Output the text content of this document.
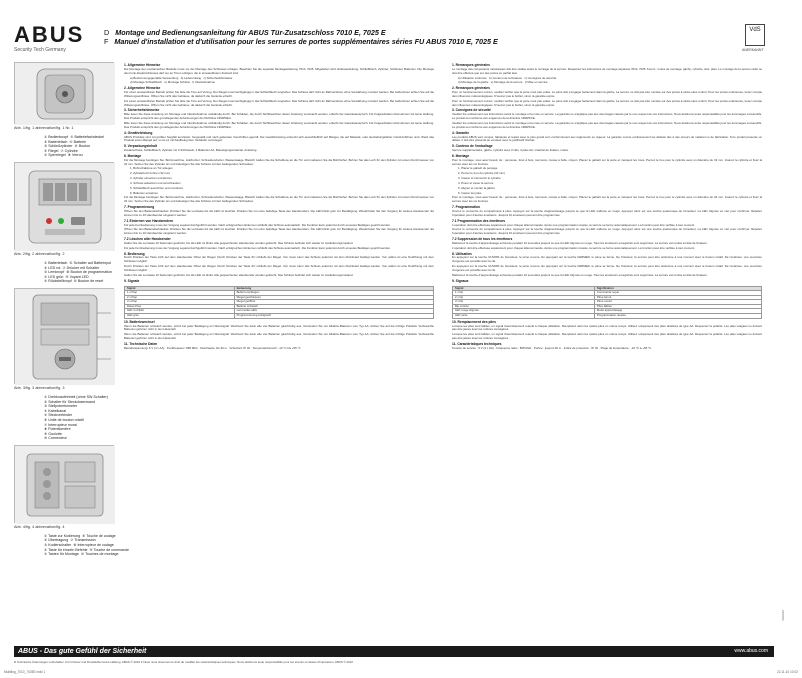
ABUS
Security Tech Germany
D Montage und Bedienungsanleitung für ABUS Tür-Zusatzschloss 7010 E, 7025 E
F Manuel d'installation et d'utilisation pour les serrures de portes supplémentaires séries FU ABUS 7010 E, 7025 E
VdS
ANERKANNT
Abb. 1/fig. 1 abbrevation/fig. 1 Nr. 1
① Bedienknopf  ④ Batteriefachdeckel
② Batteriefach  ⑤ Batterie
③ Schließzylinder  ⑥ Bouton
④ Riegel  ⑦ Cylindre
⑤ Sperrriegel  ⑧ Verrou
Abb. 2/fig. 2 abbrevation/fig. 2
① Batteriefach  ⑥ Schalter auf Batteriepol
② LED rot  ⑦ Drücker mit Schalter
③ Lernknopf  ⑧ Bouton de programmation
④ LED grün  ⑨ Voyant LED
⑤ Rückstellknopf  ⑩ Bouton de reset
Abb. 3/fig. 3 abbrevation/fig. 3
① Drehknaufeinheit (ohne SW-Schalter)
② Schalter für Steckdosenwand
③ Stellpotentiometer
④ Kabelkanal
⑤ Steckverbinder
⑥ Unité de bouton rotatif
⑦ Interrupteur mural
⑧ Potentiomètre
⑨ Goulotte
⑩ Connecteur
Abb. 4/fig. 4 abbrevation/fig. 4
① Taste zur Kodierung  ⑥ Touche de codage
② Übertragung  ⑦ Transmission
③ Kodierschalter  ⑧ Interrupteur de codage
④ Taste für einzeln Befehle  ⑨ Touche de commande
⑤ Tasten für Montage  ⑩ Touches de montage
1. Allgemeine Hinweise
Die Montage der mechanischen Bauteile muss vor der Montage des Schlosses erfolgen. Beachten Sie die separate Montageanleitung 7010, 7025. Mitgeliefert wird: Einbauanleitung, Schließblech, Zylinder, Schlüssel, Batterien. Die Montage des Funk-Zusatzschlosses darf nur an Türen erfolgen, die in einwandfreiem Zustand sind.
a) Bestimmungsgemäße Verwendung   b) Lieferumfang   c) Sicherheitshinweise
d) Montage Schließblech   e) Montage Schloss   f) Inbetriebnahme
2. Allgemeine Hinweise
Für einen einwandfreien Betrieb prüfen Sie bitte die Türe auf Verzug. Der Riegel muss leichtgängig in das Schließblech eingreifen. Das Schloss darf nicht an Rahmentüren ohne Verstärkung montiert werden. Bei Außentüren achten Sie auf die Witterungseinflüsse. Öffnen Sie nicht das Gehäuse, da dadurch die Garantie erlischt.
Für einen einwandfreien Betrieb prüfen Sie bitte die Türe auf Verzug. Der Riegel muss leichtgängig in das Schließblech eingreifen. Das Schloss darf nicht an Rahmentüren ohne Verstärkung montiert werden. Bei Außentüren achten Sie auf die Witterungseinflüsse. Öffnen Sie nicht das Gehäuse, da dadurch die Garantie erlischt.
3. Sicherheitshinweise
Bitte lesen Sie diese Anleitung vor Montage und Inbetriebnahme vollständig durch. Bei Schäden, die durch Nichtbeachten dieser Anleitung verursacht werden, erlischt der Garantieanspruch. Für Folgeschäden übernehmen wir keine Haftung. Das Produkt entspricht den grundlegenden Anforderungen der Richtlinie 1999/5/EG.
Bitte lesen Sie diese Anleitung vor Montage und Inbetriebnahme vollständig durch. Bei Schäden, die durch Nichtbeachten dieser Anleitung verursacht werden, erlischt der Garantieanspruch. Für Folgeschäden übernehmen wir keine Haftung. Das Produkt entspricht den grundlegenden Anforderungen der Richtlinie 1999/5/EG.
4. Gewährleistung
ABUS Produkte sind mit größter Sorgfalt konzipiert, hergestellt und nach geltenden Vorschriften geprüft. Die Gewährleistung erstreckt sich ausschließlich auf Mängel, die auf Material- oder Herstellungsfehler zurückzuführen sind. Weist das Produkt einen Mangel auf, so ist es mit Kaufbeleg dem Verkäufer vorzulegen.
5. Verpackungsinhalt
Zusatzschloss, Schließblech, Zylinder mit 3 Schlüsseln, 4 Batterien AA, Befestigungsmaterial, Anleitung.
6. Montage
Für die Montage benötigen Sie: Bohrmaschine, Holzbohrer, Schraubendreher, Wasserwaage, Bleistift. Halten Sie die Schablone an die Tür und markieren Sie die Bohrlöcher. Bohren Sie das Loch für den Zylinder mit einem Durchmesser von 32 mm. Setzen Sie den Zylinder ein und befestigen Sie das Schloss mit den beiliegenden Schrauben.
1. Bohrschablone an Tür anlegen
2. Zylinderloch bohren (32 mm)
3. Zylinder einsetzen und kürzen
4. Schloss aufsetzen und verschrauben
5. Schließblech ausrichten und montieren
6. Batterien einsetzen
Für die Montage benötigen Sie: Bohrmaschine, Holzbohrer, Schraubendreher, Wasserwaage, Bleistift. Halten Sie die Schablone an die Tür und markieren Sie die Bohrlöcher. Bohren Sie das Loch für den Zylinder mit einem Durchmesser von 32 mm. Setzen Sie den Zylinder ein und befestigen Sie das Schloss mit den beiliegenden Schrauben.
7. Programmierung
Öffnen Sie den Batteriefachdeckel. Drücken Sie die Lerntaste bis die LED rot leuchtet. Drücken Sie nun eine beliebige Taste des Handsenders. Die LED blinkt grün zur Bestätigung. Wiederholen Sie den Vorgang für weitere Handsender. Es können bis zu 10 Handsender eingelernt werden.
7.1 Einlernen von Handsendern
Für jede Fernbedienung muss der Vorgang separat durchgeführt werden. Nach erfolgreichem Einlernen schließt das Schloss automatisch. Die Funktion kann jederzeit durch erneutes Betätigen geprüft werden.
Öffnen Sie den Batteriefachdeckel. Drücken Sie die Lerntaste bis die LED rot leuchtet. Drücken Sie nun eine beliebige Taste des Handsenders. Die LED blinkt grün zur Bestätigung. Wiederholen Sie den Vorgang für weitere Handsender. Es können bis zu 10 Handsender eingelernt werden.
7.2 Löschen aller Handsender
Halten Sie die Lerntaste 10 Sekunden gedrückt, bis die LED rot blinkt. Alle gespeicherten Handsender werden gelöscht. Das Schloss befindet sich wieder im Auslieferungszustand.
Für jede Fernbedienung muss der Vorgang separat durchgeführt werden. Nach erfolgreichem Einlernen schließt das Schloss automatisch. Die Funktion kann jederzeit durch erneutes Betätigen geprüft werden.
8. Bedienung
Durch Drücken der Taste AUF auf dem Handsender öffnet der Riegel. Durch Drücken der Taste ZU schließt der Riegel. Von innen kann das Schloss jederzeit mit dem Drehknauf betätigt werden. Von außen ist eine Notöffnung mit dem Schlüssel möglich.
Durch Drücken der Taste AUF auf dem Handsender öffnet der Riegel. Durch Drücken der Taste ZU schließt der Riegel. Von innen kann das Schloss jederzeit mit dem Drehknauf betätigt werden. Von außen ist eine Notöffnung mit dem Schlüssel möglich.
Halten Sie die Lerntaste 10 Sekunden gedrückt, bis die LED rot blinkt. Alle gespeicherten Handsender werden gelöscht. Das Schloss befindet sich wieder im Auslieferungszustand.
9. Signale
Signal	Bedeutung
1 x Piep	Befehl empfangen
2 x Piep	Riegel geschlossen
3 x Piep	Riegel geöffnet
Dauer-Piep	Batterie schwach
LED rot blinkt	Lernmodus aktiv
LED grün	Programmierung erfolgreich
10. Batteriewechsel
Wenn die Batterien schwach werden, ertönt bei jeder Betätigung ein Warnsignal. Wechseln Sie dann alle vier Batterien gleichzeitig aus. Verwenden Sie nur Alkaline-Batterien vom Typ AA. Achten Sie auf die richtige Polarität. Verbrauchte Batterien gehören nicht in den Hausmüll.
Wenn die Batterien schwach werden, ertönt bei jeder Betätigung ein Warnsignal. Wechseln Sie dann alle vier Batterien gleichzeitig aus. Verwenden Sie nur Alkaline-Batterien vom Typ AA. Achten Sie auf die richtige Polarität. Verbrauchte Batterien gehören nicht in den Hausmüll.
11. Technische Daten
Betriebsspannung: 6 V (4 x AA) · Funkfrequenz: 868 MHz · Reichweite: bis 30 m · Schutzart: IP 40 · Temperaturbereich: -10 °C bis +55 °C
1. Remarques générales
Le montage des composants mécaniques doit être réalisé avant le montage de la serrure. Respectez les instructions de montage séparées 7010, 7025. Fourni : notice de montage, gâche, cylindre, clés, piles. Le montage de la serrure radio ne doit être effectué que sur des portes en parfait état.
a) Utilisation conforme   b) Contenu de la livraison   c) Consignes de sécurité
d) Montage de la gâche   e) Montage de la serrure   f) Mise en service
2. Remarques générales
Pour un fonctionnement correct, veuillez vérifier que la porte n'est pas voilée. Le pêne doit s'engager facilement dans la gâche. La serrure ne doit pas être montée sur des portes à cadre sans renfort. Pour les portes extérieures, tenez compte des influences météorologiques. N'ouvrez pas le boîtier, sinon la garantie expire.
Pour un fonctionnement correct, veuillez vérifier que la porte n'est pas voilée. Le pêne doit s'engager facilement dans la gâche. La serrure ne doit pas être montée sur des portes à cadre sans renfort. Pour les portes extérieures, tenez compte des influences météorologiques. N'ouvrez pas le boîtier, sinon la garantie expire.
3. Consignes de sécurité
Veuillez lire entièrement ces instructions avant le montage et la mise en service. La garantie ne s'applique pas aux dommages causés par le non-respect de ces instructions. Nous déclinons toute responsabilité pour les dommages consécutifs. Le produit est conforme aux exigences de la directive 1999/5/CE.
Veuillez lire entièrement ces instructions avant le montage et la mise en service. La garantie ne s'applique pas aux dommages causés par le non-respect de ces instructions. Nous déclinons toute responsabilité pour les dommages consécutifs. Le produit est conforme aux exigences de la directive 1999/5/CE.
4. Garantie
Les produits ABUS sont conçus, fabriqués et testés avec le plus grand soin conformément aux règlements en vigueur. La garantie couvre exclusivement les défauts dus à des erreurs de matériel ou de fabrication. Si le produit présente un défaut, il doit être présenté au vendeur avec le justificatif d'achat.
5. Contenu de l'emballage
Serrure supplémentaire, gâche, cylindre avec 3 clés, 4 piles AA, matériel de fixation, notice.
6. Montage
Pour le montage, vous avez besoin de : perceuse, foret à bois, tournevis, niveau à bulle, crayon. Placez le gabarit sur la porte et marquez les trous. Percez le trou pour le cylindre avec un diamètre de 32 mm. Insérez le cylindre et fixez la serrure avec les vis fournies.
1. Placer le gabarit de perçage
2. Percer le trou du cylindre (32 mm)
3. Insérer et raccourcir le cylindre
4. Poser et visser la serrure
5. Aligner et monter la gâche
6. Insérer les piles
Pour le montage, vous avez besoin de : perceuse, foret à bois, tournevis, niveau à bulle, crayon. Placez le gabarit sur la porte et marquez les trous. Percez le trou pour le cylindre avec un diamètre de 32 mm. Insérez le cylindre et fixez la serrure avec les vis fournies.
7. Programmation
Ouvrez le couvercle du compartiment à piles. Appuyez sur la touche d'apprentissage jusqu'à ce que la LED s'allume en rouge. Appuyez alors sur une touche quelconque de l'émetteur. La LED clignote en vert pour confirmer. Répétez l'opération pour d'autres émetteurs. Jusqu'à 10 émetteurs peuvent être programmés.
7.1 Programmation des émetteurs
L'opération doit être effectuée séparément pour chaque télécommande. Après une programmation réussie, la serrure se ferme automatiquement. La fonction peut être vérifiée à tout moment.
Ouvrez le couvercle du compartiment à piles. Appuyez sur la touche d'apprentissage jusqu'à ce que la LED s'allume en rouge. Appuyez alors sur une touche quelconque de l'émetteur. La LED clignote en vert pour confirmer. Répétez l'opération pour d'autres émetteurs. Jusqu'à 10 émetteurs peuvent être programmés.
7.2 Suppression de tous les émetteurs
Maintenez la touche d'apprentissage enfoncée pendant 10 secondes jusqu'à ce que la LED clignote en rouge. Tous les émetteurs enregistrés sont supprimés. La serrure est remise à l'état de livraison.
L'opération doit être effectuée séparément pour chaque télécommande. Après une programmation réussie, la serrure se ferme automatiquement. La fonction peut être vérifiée à tout moment.
8. Utilisation
En appuyant sur la touche OUVRIR de l'émetteur, le pêne s'ouvre. En appuyant sur la touche FERMER, le pêne se ferme. De l'intérieur, la serrure peut être actionnée à tout moment avec le bouton rotatif. De l'extérieur, une ouverture d'urgence est possible avec la clé.
En appuyant sur la touche OUVRIR de l'émetteur, le pêne s'ouvre. En appuyant sur la touche FERMER, le pêne se ferme. De l'intérieur, la serrure peut être actionnée à tout moment avec le bouton rotatif. De l'extérieur, une ouverture d'urgence est possible avec la clé.
Maintenez la touche d'apprentissage enfoncée pendant 10 secondes jusqu'à ce que la LED clignote en rouge. Tous les émetteurs enregistrés sont supprimés. La serrure est remise à l'état de livraison.
9. Signaux
Signal	Signification
1 x bip	Commande reçue
2 x bip	Pêne fermé
3 x bip	Pêne ouvert
Bip continu	Piles faibles
LED rouge clignote	Mode apprentissage
LED verte	Programmation réussie
10. Remplacement des piles
Lorsque les piles sont faibles, un signal d'avertissement retentit à chaque utilisation. Remplacez alors les quatre piles en même temps. Utilisez uniquement des piles alcalines de type AA. Respectez la polarité. Les piles usagées ne doivent pas être jetées avec les ordures ménagères.
Lorsque les piles sont faibles, un signal d'avertissement retentit à chaque utilisation. Remplacez alors les quatre piles en même temps. Utilisez uniquement des piles alcalines de type AA. Respectez la polarité. Les piles usagées ne doivent pas être jetées avec les ordures ménagères.
11. Caractéristiques techniques
Tension de service : 6 V (4 x AA) · Fréquence radio : 868 MHz · Portée : jusqu'à 30 m · Indice de protection : IP 40 · Plage de température : -10 °C à +55 °C
ABUS - Das gute Gefühl der Sicherheit	www.abus.com
D Technische Änderungen vorbehalten. Für Irrtümer und Druckfehler keine Haftung. ABUS © 2010 F Nous nous réservons le droit de modifier les caractéristiques techniques. Nous déclinons toute responsabilité pour les erreurs ou fautes d'impression. ABUS © 2010
10/2010
Multiling_7010_7025E.indd 1	22.11.10 10:02
